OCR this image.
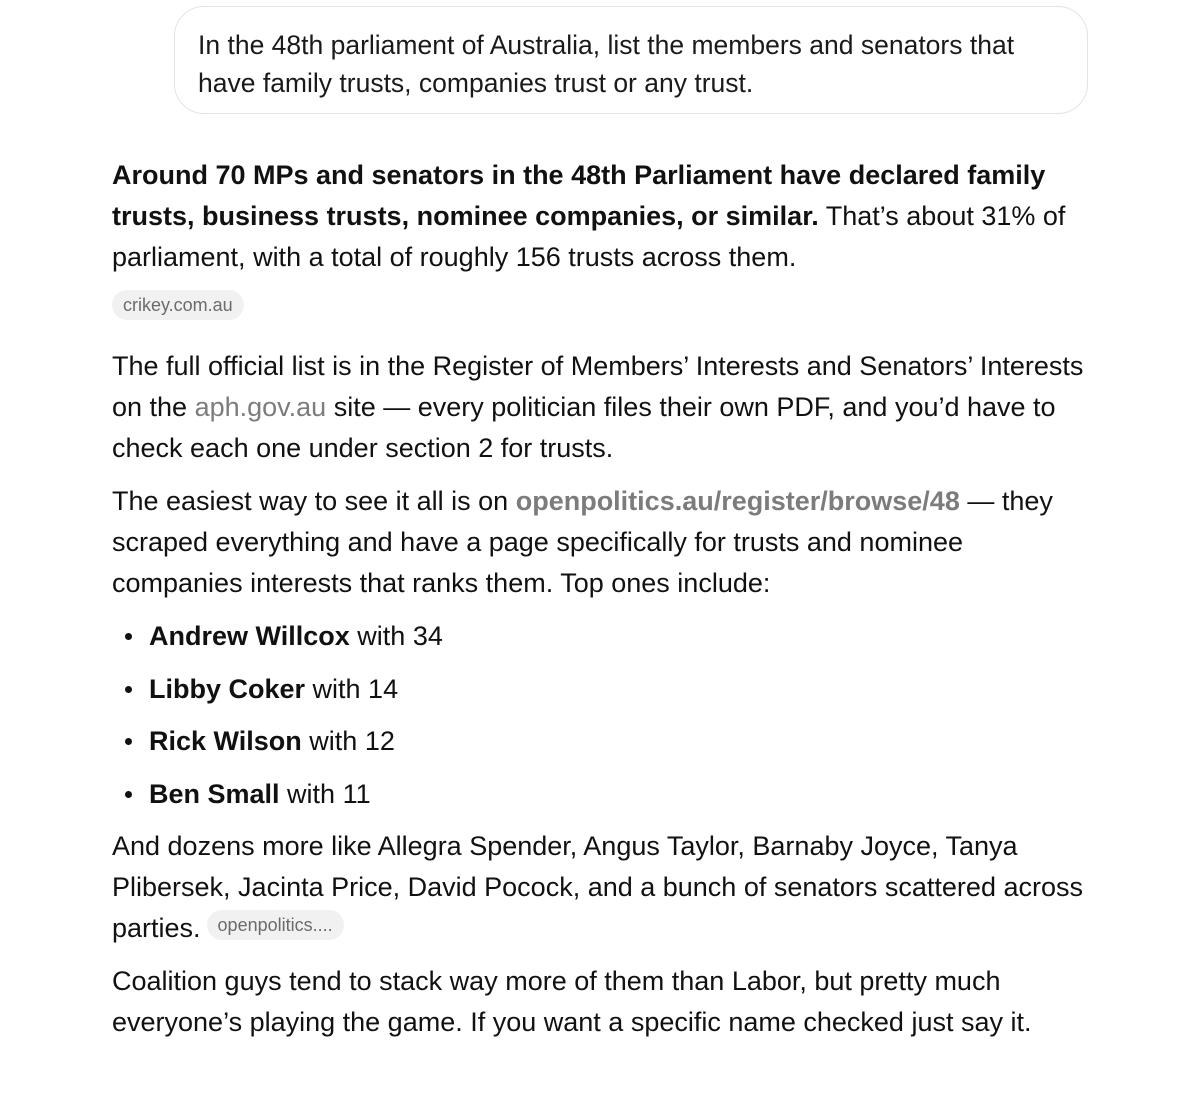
In the 48th parliament of Australia, list the members and senators that have family trusts, companies trust or any trust.

Around 70 MPs and senators in the 48th Parliament have declared family trusts, business trusts, nominee companies, or similar. That’s about 31% of parliament, with a total of roughly 156 trusts across them.

crikey.com.au

The full official list is in the Register of Members’ Interests and Senators’ Interests on the aph.gov.au site — every politician files their own PDF, and you’d have to check each one under section 2 for trusts.

The easiest way to see it all is on openpolitics.au/register/browse/48 — they scraped everything and have a page specifically for trusts and nominee companies interests that ranks them. Top ones include:

Andrew Willcox with 34
Libby Coker with 14
Rick Wilson with 12
Ben Small with 11

And dozens more like Allegra Spender, Angus Taylor, Barnaby Joyce, Tanya Plibersek, Jacinta Price, David Pocock, and a bunch of senators scattered across parties. openpolitics....

Coalition guys tend to stack way more of them than Labor, but pretty much everyone’s playing the game. If you want a specific name checked just say it.
